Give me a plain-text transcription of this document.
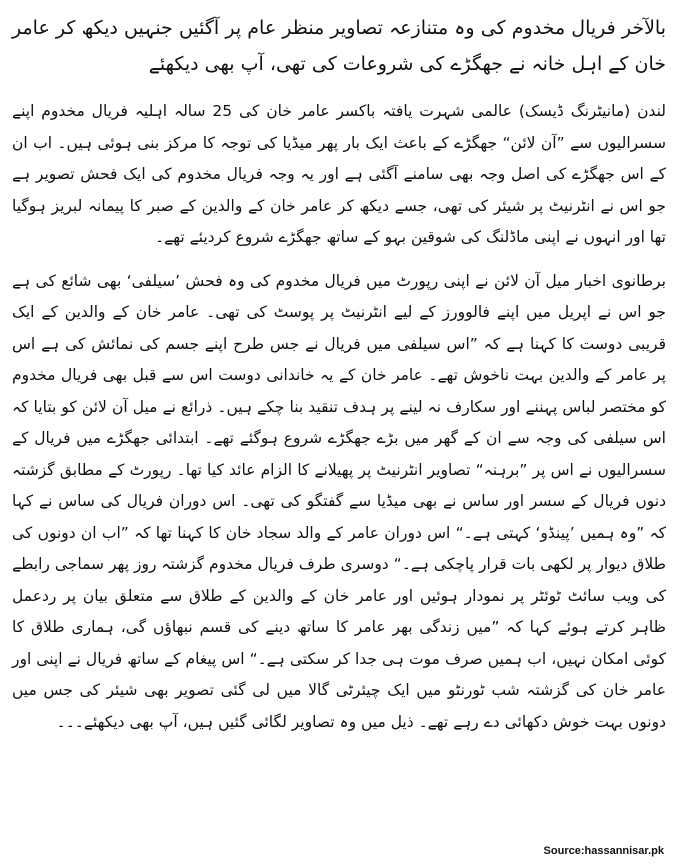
بالآخر فریال مخدوم کی وہ متنازعہ تصاویر منظر عام پر آگئیں جنہیں دیکھ کر عامر خان کے اہل خانہ نے جھگڑے کی شروعات کی تھی، آپ بھی دیکھئے

لندن (مانیٹرنگ ڈیسک) عالمی شہرت یافتہ باکسر عامر خان کی 25 سالہ اہلیہ فریال مخدوم اپنے سسرالیوں سے ”آن لائن“ جھگڑے کے باعث ایک بار پھر میڈیا کی توجہ کا مرکز بنی ہوئی ہیں۔ اب ان کے اس جھگڑے کی اصل وجہ بھی سامنے آگئی ہے اور یہ وجہ فریال مخدوم کی ایک فحش تصویر ہے جو اس نے انٹرنیٹ پر شیئر کی تھی، جسے دیکھ کر عامر خان کے والدین کے صبر کا پیمانہ لبریز ہوگیا تھا اور انہوں نے اپنی ماڈلنگ کی شوقین بہو کے ساتھ جھگڑے شروع کردیئے تھے۔

برطانوی اخبار میل آن لائن نے اپنی رپورٹ میں فریال مخدوم کی وہ فحش ’سیلفی‘ بھی شائع کی ہے جو اس نے اپریل میں اپنے فالوورز کے لیے انٹرنیٹ پر پوسٹ کی تھی۔ عامر خان کے والدین کے ایک قریبی دوست کا کہنا ہے کہ ”اس سیلفی میں فریال نے جس طرح اپنے جسم کی نمائش کی ہے اس پر عامر کے والدین بہت ناخوش تھے۔ عامر خان کے یہ خاندانی دوست اس سے قبل بھی فریال مخدوم کو مختصر لباس پہننے اور سکارف نہ لینے پر ہدف تنقید بنا چکے ہیں۔ ذرائع نے میل آن لائن کو بتایا کہ اس سیلفی کی وجہ سے ان کے گھر میں بڑے جھگڑے شروع ہوگئے تھے۔ ابتدائی جھگڑے میں فریال کے سسرالیوں نے اس پر ”برہنہ“ تصاویر انٹرنیٹ پر پھیلانے کا الزام عائد کیا تھا۔ رپورٹ کے مطابق گزشتہ دنوں فریال کے سسر اور ساس نے بھی میڈیا سے گفتگو کی تھی۔ اس دوران فریال کی ساس نے کہا کہ ”وہ ہمیں ’پینڈو‘ کہتی ہے۔“ اس دوران عامر کے والد سجاد خان کا کہنا تھا کہ ”اب ان دونوں کی طلاق دیوار پر لکھی بات قرار پاچکی ہے۔“ دوسری طرف فریال مخدوم گزشتہ روز پھر سماجی رابطے کی ویب سائٹ ٹوئٹر پر نمودار ہوئیں اور عامر خان کے والدین کے طلاق سے متعلق بیان پر ردعمل ظاہر کرتے ہوئے کہا کہ ”میں زندگی بھر عامر کا ساتھ دینے کی قسم نبھاؤں گی، ہماری طلاق کا کوئی امکان نہیں، اب ہمیں صرف موت ہی جدا کر سکتی ہے۔“ اس پیغام کے ساتھ فریال نے اپنی اور عامر خان کی گزشتہ شب ٹورنٹو میں ایک چیئرٹی گالا میں لی گئی تصویر بھی شیئر کی جس میں دونوں بہت خوش دکھائی دے رہے تھے۔ ذیل میں وہ تصاویر لگائی گئیں ہیں، آپ بھی دیکھئے۔۔۔

Source:hassannisar.pk
